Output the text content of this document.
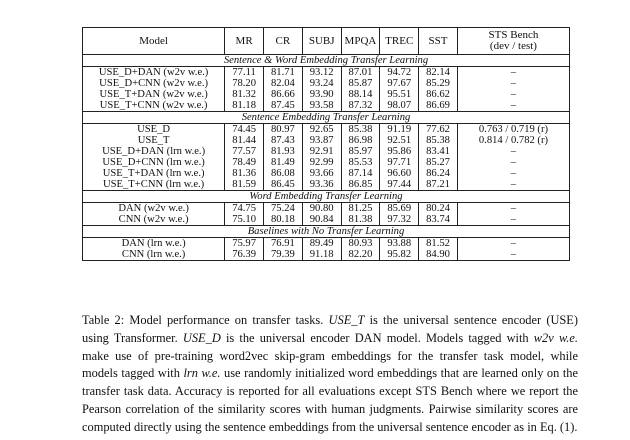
Model	MR	CR	SUBJ	MPQA	TREC	SST	STS Bench
(dev / test)
Sentence & Word Embedding Transfer Learning							
USE_D+DAN (w2v w.e.)	77.11	81.71	93.12	87.01	94.72	82.14	–
USE_D+CNN (w2v w.e.)	78.20	82.04	93.24	85.87	97.67	85.29	–
USE_T+DAN (w2v w.e.)	81.32	86.66	93.90	88.14	95.51	86.62	–
USE_T+CNN (w2v w.e.)	81.18	87.45	93.58	87.32	98.07	86.69	–
Sentence Embedding Transfer Learning							
USE_D	74.45	80.97	92.65	85.38	91.19	77.62	0.763 / 0.719 (r)
USE_T	81.44	87.43	93.87	86.98	92.51	85.38	0.814 / 0.782 (r)
USE_D+DAN (lrn w.e.)	77.57	81.93	92.91	85.97	95.86	83.41	–
USE_D+CNN (lrn w.e.)	78.49	81.49	92.99	85.53	97.71	85.27	–
USE_T+DAN (lrn w.e.)	81.36	86.08	93.66	87.14	96.60	86.24	–
USE_T+CNN (lrn w.e.)	81.59	86.45	93.36	86.85	97.44	87.21	–
Word Embedding Transfer Learning							
DAN (w2v w.e.)	74.75	75.24	90.80	81.25	85.69	80.24	–
CNN (w2v w.e.)	75.10	80.18	90.84	81.38	97.32	83.74	–
Baselines with No Transfer Learning							
DAN (lrn w.e.)	75.97	76.91	89.49	80.93	93.88	81.52	–
CNN (lrn w.e.)	76.39	79.39	91.18	82.20	95.82	84.90	–
Table 2: Model performance on transfer tasks. USE_T is the universal sentence encoder (USE) using Transformer. USE_D is the universal encoder DAN model. Models tagged with w2v w.e. make use of pre-training word2vec skip-gram embeddings for the transfer task model, while models tagged with lrn w.e. use randomly initialized word embeddings that are learned only on the transfer task data. Accuracy is reported for all evaluations except STS Bench where we report the Pearson correlation of the similarity scores with human judgments. Pairwise similarity scores are computed directly using the sentence embeddings from the universal sentence encoder as in Eq. (1).
